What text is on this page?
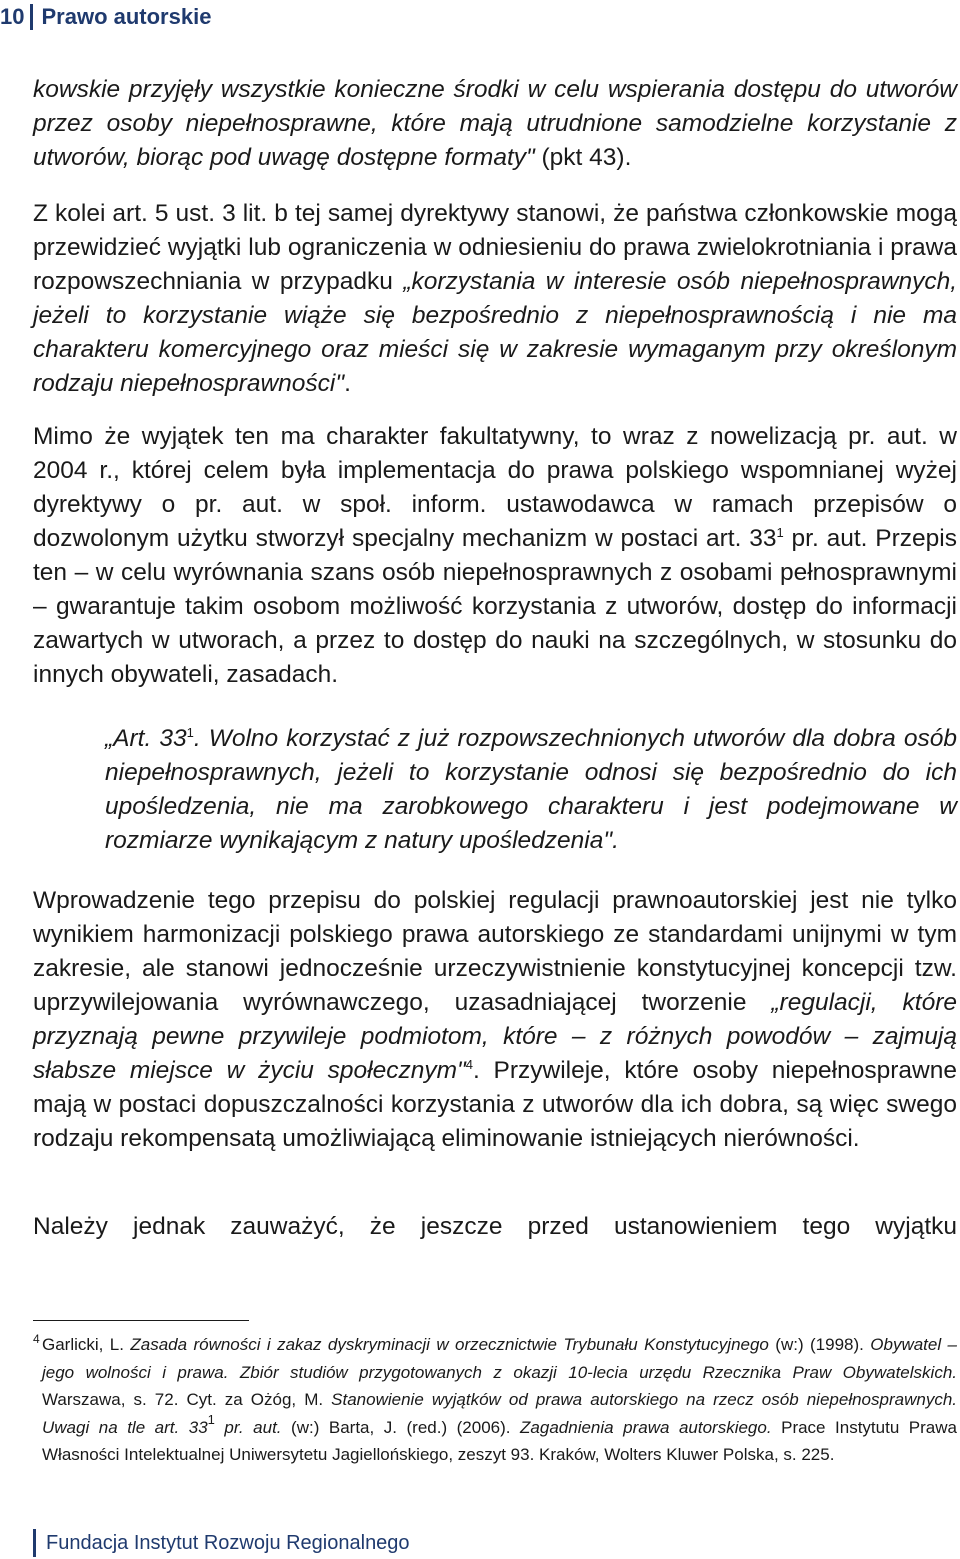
10 Prawo autorskie
kowskie przyjęły wszystkie konieczne środki w celu wspierania dostępu do utworów przez osoby niepełnosprawne, które mają utrudnione samodzielne korzystanie z utworów, biorąc pod uwagę dostępne formaty" (pkt 43).
Z kolei art. 5 ust. 3 lit. b tej samej dyrektywy stanowi, że państwa członkowskie mogą przewidzieć wyjątki lub ograniczenia w odniesieniu do prawa zwielokrotniania i prawa rozpowszechniania w przypadku „korzystania w interesie osób niepełnosprawnych, jeżeli to korzystanie wiąże się bezpośrednio z niepełnosprawnością i nie ma charakteru komercyjnego oraz mieści się w zakresie wymaganym przy określonym rodzaju niepełnosprawności".
Mimo że wyjątek ten ma charakter fakultatywny, to wraz z nowelizacją pr. aut. w 2004 r., której celem była implementacja do prawa polskiego wspomnianej wyżej dyrektywy o pr. aut. w społ. inform. ustawodawca w ramach przepisów o dozwolonym użytku stworzył specjalny mechanizm w postaci art. $33^1$ pr. aut. Przepis ten – w celu wyrównania szans osób niepełnosprawnych z osobami pełnosprawnymi – gwarantuje takim osobom możliwość korzystania z utworów, dostęp do informacji zawartych w utworach, a przez to dostęp do nauki na szczególnych, w stosunku do innych obywateli, zasadach.
„Art. $33^1$. Wolno korzystać z już rozpowszechnionych utworów dla dobra osób niepełnosprawnych, jeżeli to korzystanie odnosi się bezpośrednio do ich upośledzenia, nie ma zarobkowego charakteru i jest podejmowane w rozmiarze wynikającym z natury upośledzenia".
Wprowadzenie tego przepisu do polskiej regulacji prawnoautorskiej jest nie tylko wynikiem harmonizacji polskiego prawa autorskiego ze standardami unijnymi w tym zakresie, ale stanowi jednocześnie urzeczywistnienie konstytucyjnej koncepcji tzw. uprzywilejowania wyrównawczego, uzasadniającej tworzenie „regulacji, które przyznają pewne przywileje podmiotom, które – z różnych powodów – zajmują słabsze miejsce w życiu społecznym"$^4$. Przywileje, które osoby niepełnosprawne mają w postaci dopuszczalności korzystania z utworów dla ich dobra, są więc swego rodzaju rekompensatą umożliwiającą eliminowanie istniejących nierówności.
Należy jednak zauważyć, że jeszcze przed ustanowieniem tego wyjątku
4 Garlicki, L. Zasada równości i zakaz dyskryminacji w orzecznictwie Trybunału Konstytucyjnego (w:) (1998). Obywatel – jego wolności i prawa. Zbiór studiów przygotowanych z okazji 10-lecia urzędu Rzecznika Praw Obywatelskich. Warszawa, s. 72. Cyt. za Ożóg, M. Stanowienie wyjątków od prawa autorskiego na rzecz osób niepełnosprawnych. Uwagi na tle art. $33^1$ pr. aut. (w:) Barta, J. (red.) (2006). Zagadnienia prawa autorskiego. Prace Instytutu Prawa Własności Intelektualnej Uniwersytetu Jagiellońskiego, zeszyt 93. Kraków, Wolters Kluwer Polska, s. 225.
Fundacja Instytut Rozwoju Regionalnego
